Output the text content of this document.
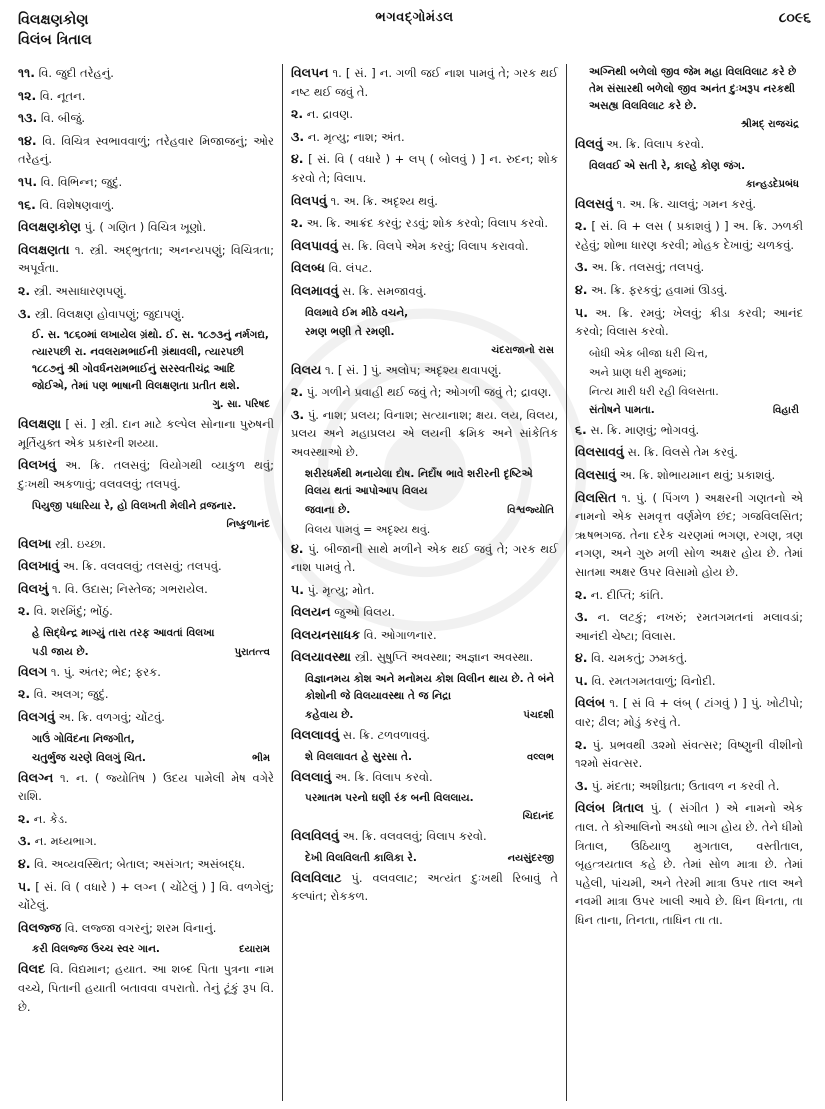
વિલક્ષણકોણ
વિલંબ ત્રિતાલ
ભગવદ્ગોમંડલ	૮૦૯૬
૧૧. વિ. જુદી તરેહનું.
૧૨. વિ. નૂતન.
૧૩. વિ. બીજું.
૧૪. વિ. વિચિત્ર સ્વભાવવાળું; તરેહવાર મિજાજનું; ઓર તરેહનું.
૧૫. વિ. વિભિન્ન; જુદું.
૧૬. વિ. વિશેષણવાળું.
વિલક્ષણકોણ પું. ( ગણિત ) વિચિત્ર ખૂણો.
વિલક્ષણતા ૧. સ્ત્રી. અદ્ભુતતા; અનન્યપણું; વિચિત્રતા; અપૂર્વતા.
૨. સ્ત્રી. અસાધારણપણું.
૩. સ્ત્રી. વિલક્ષણ હોવાપણું; જુદાપણું.
ઈ. સ. ૧૮૬૦માં લખાયેલ ગ્રંથો. ઈ. સ. ૧૮૭૩નું નર્મગદ્ય, ત્યારપછી રા. નવલરામભાઈની ગ્રંથાવલી, ત્યારપછી ૧૮૮૭નું શ્રી ગોવર્ધનરામભાઈનું સરસ્વતીચંદ્ર આદિ જોઈએ, તેમાં પણ ભાષાની વિલક્ષણતા પ્રતીત થશે.
ગુ. સા. પરિષદ
વિલક્ષણા [ સં. ] સ્ત્રી. દાન માટે કલ્પેલ સોનાના પુરુષની મૂર્તિયુક્ત એક પ્રકારની શય્યા.
વિલખવું અ. ક્રિ. તલસવું; વિયોગથી વ્યાકુળ થવું; દુઃખથી અકળાવું; વલવલવું; તલપવું.
પિયુજી પધારિયા રે, હો વિલખતી મેલીને વ્રજનાર.
નિષ્કુળાનંદ
વિલખા સ્ત્રી. ઇચ્છા.
વિલખાવું અ. ક્રિ. વલવલવું; તલસવું; તલપવું.
વિલખું ૧. વિ. ઉદાસ; નિસ્તેજ; ગભરાયેલ.
૨. વિ. શરમિંદું; ભોંઠું.
હે સિદ્ધેન્દ્ર માગ્યું તારા તરફ આવતાં વિલખા
પડી જાય છે.	પુરાતત્ત્વ
વિલગ ૧. પું. અંતર; ભેદ; ફરક.
૨. વિ. અલગ; જુદું.
વિલગવું અ. ક્રિ. વળગવું; ચોંટવું.
ગાઉં ગોવિંદના નિજગીત,
ચતુર્ભુજ ચરણે વિલગું ચિત.	ભીમ
વિલગ્ન ૧. ન. ( જ્યોતિષ ) ઉદય પામેલી મેષ વગેરે રાશિ.
૨. ન. કેડ.
૩. ન. મધ્યભાગ.
૪. વિ. અવ્યવસ્થિત; બેતાલ; અસંગત; અસંબદ્ધ.
૫. [ સં. વિ ( વધારે ) + લગ્ન ( ચોંટેલું ) ] વિ. વળગેલું; ચોંટેલું.
વિલજ્જ વિ. લજ્જા વગરનું; શરમ વિનાનું.
કરી વિલજ્જ ઉચ્ચ સ્વર ગાન.	દયારામ
વિલદ વિ. વિદ્યમાન; હયાત. આ શબ્દ પિતા પુત્રના નામ વચ્ચે, પિતાની હયાતી બતાવવા વપરાતો. તેનું ટૂંકું રૂપ વિ. છે.
વિલપન ૧. [ સં. ] ન. ગળી જઈ નાશ પામવું તે; ગરક થઈ નષ્ટ થઈ જવું તે.
૨. ન. દ્રાવણ.
૩. ન. મૃત્યુ; નાશ; અંત.
૪. [ સં. વિ ( વધારે ) + લપ્ ( બોલવું ) ] ન. રુદન; શોક કરવો તે; વિલાપ.
વિલપવું ૧. અ. ક્રિ. અદૃશ્ય થવું.
૨. અ. ક્રિ. આક્રંદ કરવું; રડવું; શોક કરવો; વિલાપ કરવો.
વિલપાવવું સ. ક્રિ. વિલપે એમ કરવું; વિલાપ કરાવવો.
વિલબ્ધ વિ. લંપટ.
વિલમાવવું સ. ક્રિ. સમજાવવું.
વિલમાવે ઈમ મીઠે વચને,
રમણ ભણી તે રમણી.
ચંદરાજાનો રાસ
વિલય ૧. [ સં. ] પું. અલોપ; અદૃશ્ય થવાપણું.
૨. પું. ગળીને પ્રવાહી થઈ જવું તે; ઓગળી જવું તે; દ્રાવણ.
૩. પું. નાશ; પ્રલય; વિનાશ; સત્યાનાશ; ક્ષય. લય, વિલય, પ્રલય અને મહાપ્રલય એ લયની ક્રમિક અને સાંકેતિક અવસ્થાઓ છે.
શરીરધર્મથી મનાયેલા દોષ. નિર્દોષ ભાવે શરીરની દૃષ્ટિએ વિલય થતાં આપોઆપ વિલય
જવાના છે.	વિશ્વજ્યોતિ
વિલય પામવું = અદૃશ્ય થવું.
૪. પું. બીજાની સાથે મળીને એક થઈ જવું તે; ગરક થઈ નાશ પામવું તે.
૫. પું. મૃત્યુ; મોત.
વિલયન જુઓ વિલય.
વિલયનસાધક વિ. ઓગાળનાર.
વિલયાવસ્થા સ્ત્રી. સુષુપ્તિ અવસ્થા; અજ્ઞાન અવસ્થા.
વિજ્ઞાનમય કોશ અને મનોમય કોશ વિલીન થાય છે. તે બંને કોશોની જે વિલયાવસ્થા તે જ નિદ્રા
કહેવાય છે.	પંચદશી
વિલલાવવું સ. ક્રિ. ટળવળાવવું.
શે વિલલાવત હે સુરસા તે.	વલ્લભ
વિલલાવું અ. ક્રિ. વિલાપ કરવો.
પરમાતમ પરનો ઘણી રંક બની વિલલાય.
ચિદાનંદ
વિલવિલવું અ. ક્રિ. વલવલવું; વિલાપ કરવો.
દેખી વિલવિલતી કાલિકા રે.	નયસુંદરજી
વિલવિલાટ પું. વલવલાટ; અત્યંત દુઃખથી રિબાવું તે કલ્પાંત; રોકકળ.
અગ્નિથી બળેલો જીવ જેમ મહા વિલવિલાટ કરે છે તેમ સંસારથી બળેલો જીવ અનંત દુઃખરૂપ નરકથી અસહ્ય વિલવિલાટ કરે છે.
શ્રીમદ્ રાજચંદ્ર
વિલવું અ. ક્રિ. વિલાપ કરવો.
વિલવઈ એ સતી રે, કાલ્હે કોણ જંગ.
કાન્હડદેપ્રબંધ
વિલસવું ૧. અ. ક્રિ. ચાલવું; ગમન કરવું.
૨. [ સં. વિ + લસ ( પ્રકાશવું ) ] અ. ક્રિ. ઝળકી રહેવું; શોભા ધારણ કરવી; મોહક દેખાવું; ચળકવું.
૩. અ. ક્રિ. તલસવું; તલપવું.
૪. અ. ક્રિ. ફરકવું; હવામાં ઊડવું.
૫. અ. ક્રિ. રમવું; ખેલવું; ક્રીડા કરવી; આનંદ કરવો; વિલાસ કરવો.
બોધી એક બીજા ધરી ચિત્ત,
અને પ્રાણ ધરી મુજમાં;
નિત્ય મારી ધરી રહી વિલસતા.
સંતોષને પામતા.	વિહારી
૬. સ. ક્રિ. માણવું; ભોગવવું.
વિલસાવવું સ. ક્રિ. વિલસે તેમ કરવું.
વિલસાવું અ. ક્રિ. શોભાયમાન થવું; પ્રકાશવું.
વિલસિત ૧. પું. ( પિંગળ ) અક્ષરની ગણતનો એ નામનો એક સમવૃત્ત વર્ણમેળ છંદ; ગજવિલસિત; ૠષભગજ. તેના દરેક ચરણમાં ભગણ, રગણ, ત્રણ નગણ, અને ગુરુ મળી સોળ અક્ષર હોય છે. તેમાં સાતમા અક્ષર ઉપર વિસામો હોય છે.
૨. ન. દીપ્તિ; કાંતિ.
૩. ન. લટકું; નખરું; રમતગમતનાં મલાવડાં; આનંદી ચેષ્ટા; વિલાસ.
૪. વિ. ચમકતું; ઝમકતું.
૫. વિ. રમતગમતવાળું; વિનોદી.
વિલંબ ૧. [ સં વિ + લંબ્ ( ટાંગવું ) ] પું. ખોટીપો; વાર; ઢીલ; મોડું કરવું તે.
૨. પું. પ્રભવથી ૩૨મો સંવત્સર; વિષ્ણુની વીશીનો ૧૨મો સંવત્સર.
૩. પું. મંદતા; અશીઘ્રતા; ઉતાવળ ન કરવી તે.
વિલંબ ત્રિતાલ પું. ( સંગીત ) એ નામનો એક તાલ. તે કોઆલિનો અડધો ભાગ હોય છે. તેને ધીમો ત્રિતાલ, ઉઠિયાળુ મુગતાલ, વસ્તીતાલ, બૃહત્ત્રયતાલ કહે છે. તેમાં સોળ માત્રા છે. તેમાં પહેલી, પાંચમી, અને તેરમી માત્રા ઉપર તાલ અને નવમી માત્રા ઉપર ખાલી આવે છે. ધિન ધિનતા, તા ધિન તાના, તિનતા, તાધિન તા તા.
